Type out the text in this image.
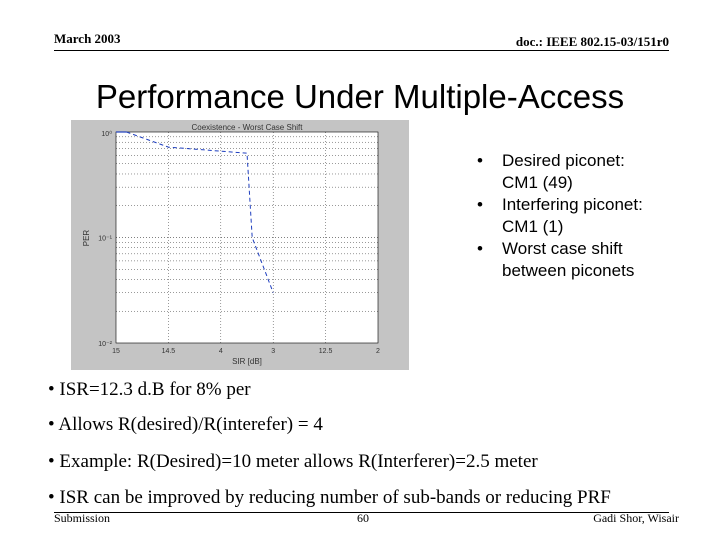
March 2003	doc.: IEEE 802.15-03/151r0
Performance Under Multiple-Access
Coexistence - Worst Case Shift
SIR [dB]
PER
15	14.5	4	3	12.5	2
10⁰
10⁻¹
10⁻²
• Desired piconet:
CM1 (49)
• Interfering piconet:
CM1 (1)
• Worst case shift
between piconets
• ISR=12.3 d.B for 8% per
• Allows R(desired)/R(interefer) = 4
• Example: R(Desired)=10 meter allows R(Interferer)=2.5 meter
• ISR can be improved by reducing number of sub-bands or reducing PRF
Submission	60	Gadi Shor, Wisair
